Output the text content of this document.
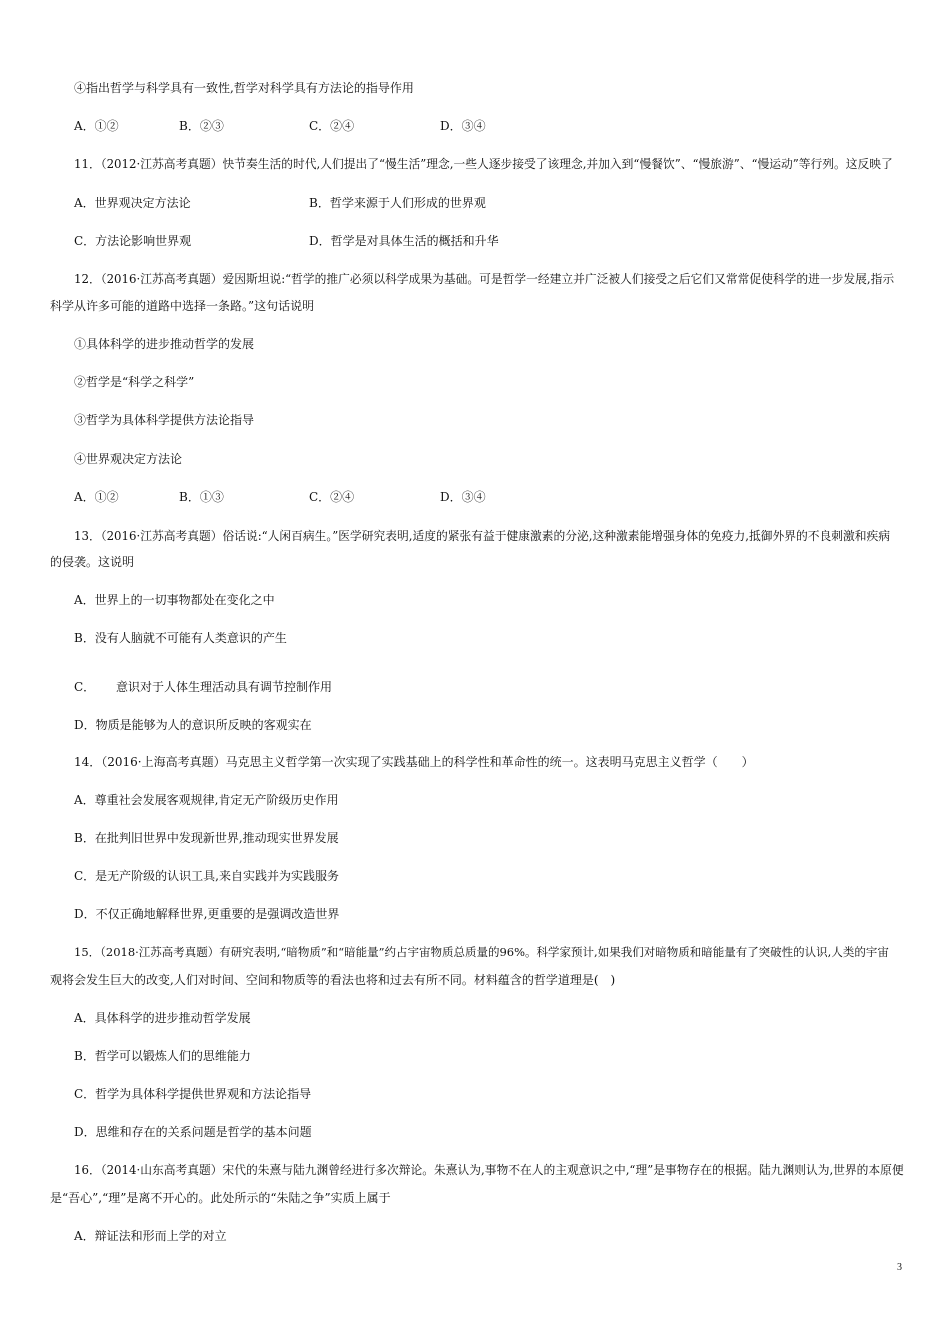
④指出哲学与科学具有一致性,哲学对科学具有方法论的指导作用
A．①②	B．②③	C．②④	D．③④
11．（2012·江苏高考真题）快节奏生活的时代,人们提出了“慢生活”理念,一些人逐步接受了该理念,并加入到“慢餐饮”、“慢旅游”、“慢运动”等行列。这反映了
A．世界观决定方法论	B．哲学来源于人们形成的世界观
C．方法论影响世界观	D．哲学是对具体生活的概括和升华
12．（2016·江苏高考真题）爱因斯坦说:“哲学的推广必须以科学成果为基础。可是哲学一经建立并广泛被人们接受之后它们又常常促使科学的进一步发展,指示
科学从许多可能的道路中选择一条路。”这句话说明
①具体科学的进步推动哲学的发展
②哲学是“科学之科学”
③哲学为具体科学提供方法论指导
④世界观决定方法论
A．①②	B．①③	C．②④	D．③④
13．（2016·江苏高考真题）俗话说:“人闲百病生。”医学研究表明,适度的紧张有益于健康激素的分泌,这种激素能增强身体的免疫力,抵御外界的不良刺激和疾病
的侵袭。这说明
A．世界上的一切事物都处在变化之中
B．没有人脑就不可能有人类意识的产生
C． 意识对于人体生理活动具有调节控制作用
D．物质是能够为人的意识所反映的客观实在
14．（2016·上海高考真题）马克思主义哲学第一次实现了实践基础上的科学性和革命性的统一。这表明马克思主义哲学（　　）
A．尊重社会发展客观规律,肯定无产阶级历史作用
B．在批判旧世界中发现新世界,推动现实世界发展
C．是无产阶级的认识工具,来自实践并为实践服务
D．不仅正确地解释世界,更重要的是强调改造世界
15．（2018·江苏高考真题）有研究表明,“暗物质”和“暗能量”约占宇宙物质总质量的96%。科学家预计,如果我们对暗物质和暗能量有了突破性的认识,人类的宇宙
观将会发生巨大的改变,人们对时间、空间和物质等的看法也将和过去有所不同。材料蕴含的哲学道理是(　)
A．具体科学的进步推动哲学发展
B．哲学可以锻炼人们的思维能力
C．哲学为具体科学提供世界观和方法论指导
D．思维和存在的关系问题是哲学的基本问题
16．（2014·山东高考真题）宋代的朱熹与陆九渊曾经进行多次辩论。朱熹认为,事物不在人的主观意识之中,“理”是事物存在的根据。陆九渊则认为,世界的本原便
是“吾心”,“理”是离不开心的。此处所示的“朱陆之争”实质上属于
A．辩证法和形而上学的对立
3
